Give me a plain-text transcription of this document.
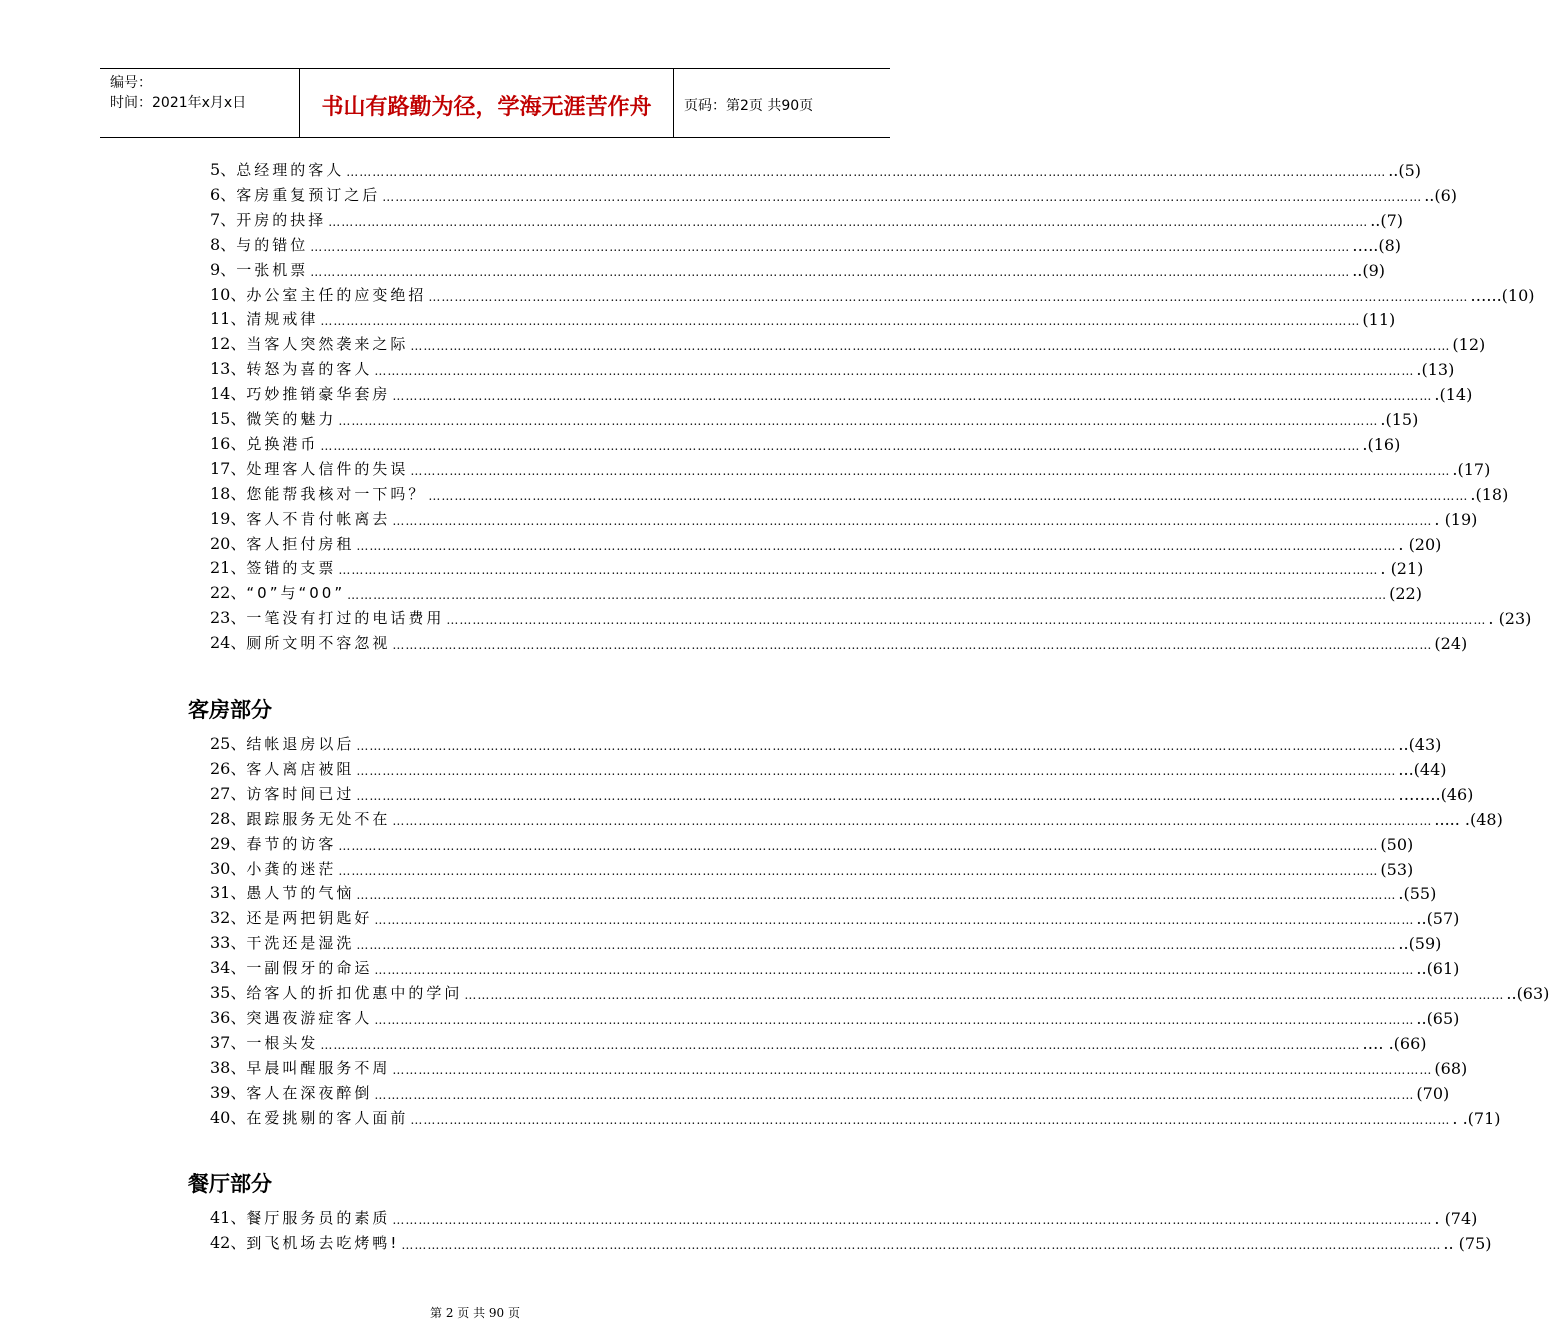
编号：
时间：2021年x月x日	书山有路勤为径，学海无涯苦作舟	页码：第2页 共90页
5、 总经理的客人 …………………………………………………………………………………………………………………………………………………………………………………………………………………… ..(5)
6、 客房重复预订之后 …………………………………………………………………………………………………………………………………………………………………………………………………………………… ..(6)
7、 开房的抉择 …………………………………………………………………………………………………………………………………………………………………………………………………………………… ..(7)
8、 与的错位 …………………………………………………………………………………………………………………………………………………………………………………………………………………… …..(8)
9、 一张机票 …………………………………………………………………………………………………………………………………………………………………………………………………………………… ..(9)
10、 办公室主任的应变绝招 …………………………………………………………………………………………………………………………………………………………………………………………………………………… …...(10)
11、 清规戒律 …………………………………………………………………………………………………………………………………………………………………………………………………………………… (11)
12、 当客人突然袭来之际 …………………………………………………………………………………………………………………………………………………………………………………………………………………… (12)
13、 转怒为喜的客人 …………………………………………………………………………………………………………………………………………………………………………………………………………………… .(13)
14、 巧妙推销豪华套房 …………………………………………………………………………………………………………………………………………………………………………………………………………………… .(14)
15、 微笑的魅力 …………………………………………………………………………………………………………………………………………………………………………………………………………………… .(15)
16、 兑换港币 …………………………………………………………………………………………………………………………………………………………………………………………………………………… .(16)
17、 处理客人信件的失误 …………………………………………………………………………………………………………………………………………………………………………………………………………………… .(17)
18、 您能帮我核对一下吗？ …………………………………………………………………………………………………………………………………………………………………………………………………………………… .(18)
19、 客人不肯付帐离去 …………………………………………………………………………………………………………………………………………………………………………………………………………………… . (19)
20、 客人拒付房租 …………………………………………………………………………………………………………………………………………………………………………………………………………………… . (20)
21、 签错的支票 …………………………………………………………………………………………………………………………………………………………………………………………………………………… . (21)
22、 “0”与“00” …………………………………………………………………………………………………………………………………………………………………………………………………………………… (22)
23、 一笔没有打过的电话费用 …………………………………………………………………………………………………………………………………………………………………………………………………………………… . (23)
24、 厕所文明不容忽视 …………………………………………………………………………………………………………………………………………………………………………………………………………………… (24)
客房部分
25、 结帐退房以后 …………………………………………………………………………………………………………………………………………………………………………………………………………………… ..(43)
26、 客人离店被阻 …………………………………………………………………………………………………………………………………………………………………………………………………………………… ...(44)
27、 访客时间已过 …………………………………………………………………………………………………………………………………………………………………………………………………………………… ……..(46)
28、 跟踪服务无处不在 …………………………………………………………………………………………………………………………………………………………………………………………………………………… ..... .(48)
29、 春节的访客 …………………………………………………………………………………………………………………………………………………………………………………………………………………… (50)
30、 小龚的迷茫 …………………………………………………………………………………………………………………………………………………………………………………………………………………… (53)
31、 愚人节的气恼 …………………………………………………………………………………………………………………………………………………………………………………………………………………… .(55)
32、 还是两把钥匙好 …………………………………………………………………………………………………………………………………………………………………………………………………………………… ..(57)
33、 干洗还是湿洗 …………………………………………………………………………………………………………………………………………………………………………………………………………………… ..(59)
34、 一副假牙的命运 …………………………………………………………………………………………………………………………………………………………………………………………………………………… ..(61)
35、 给客人的折扣优惠中的学问 …………………………………………………………………………………………………………………………………………………………………………………………………………………… ..(63)
36、 突遇夜游症客人 …………………………………………………………………………………………………………………………………………………………………………………………………………………… ..(65)
37、 一根头发 …………………………………………………………………………………………………………………………………………………………………………………………………………………… …. .(66)
38、 早晨叫醒服务不周 …………………………………………………………………………………………………………………………………………………………………………………………………………………… (68)
39、 客人在深夜醉倒 …………………………………………………………………………………………………………………………………………………………………………………………………………………… (70)
40、 在爱挑剔的客人面前 …………………………………………………………………………………………………………………………………………………………………………………………………………………… . .(71)
餐厅部分
41、 餐厅服务员的素质 …………………………………………………………………………………………………………………………………………………………………………………………………………………… . (74)
42、 到飞机场去吃烤鸭! …………………………………………………………………………………………………………………………………………………………………………………………………………………… .. (75)
第 2 页 共 90 页
